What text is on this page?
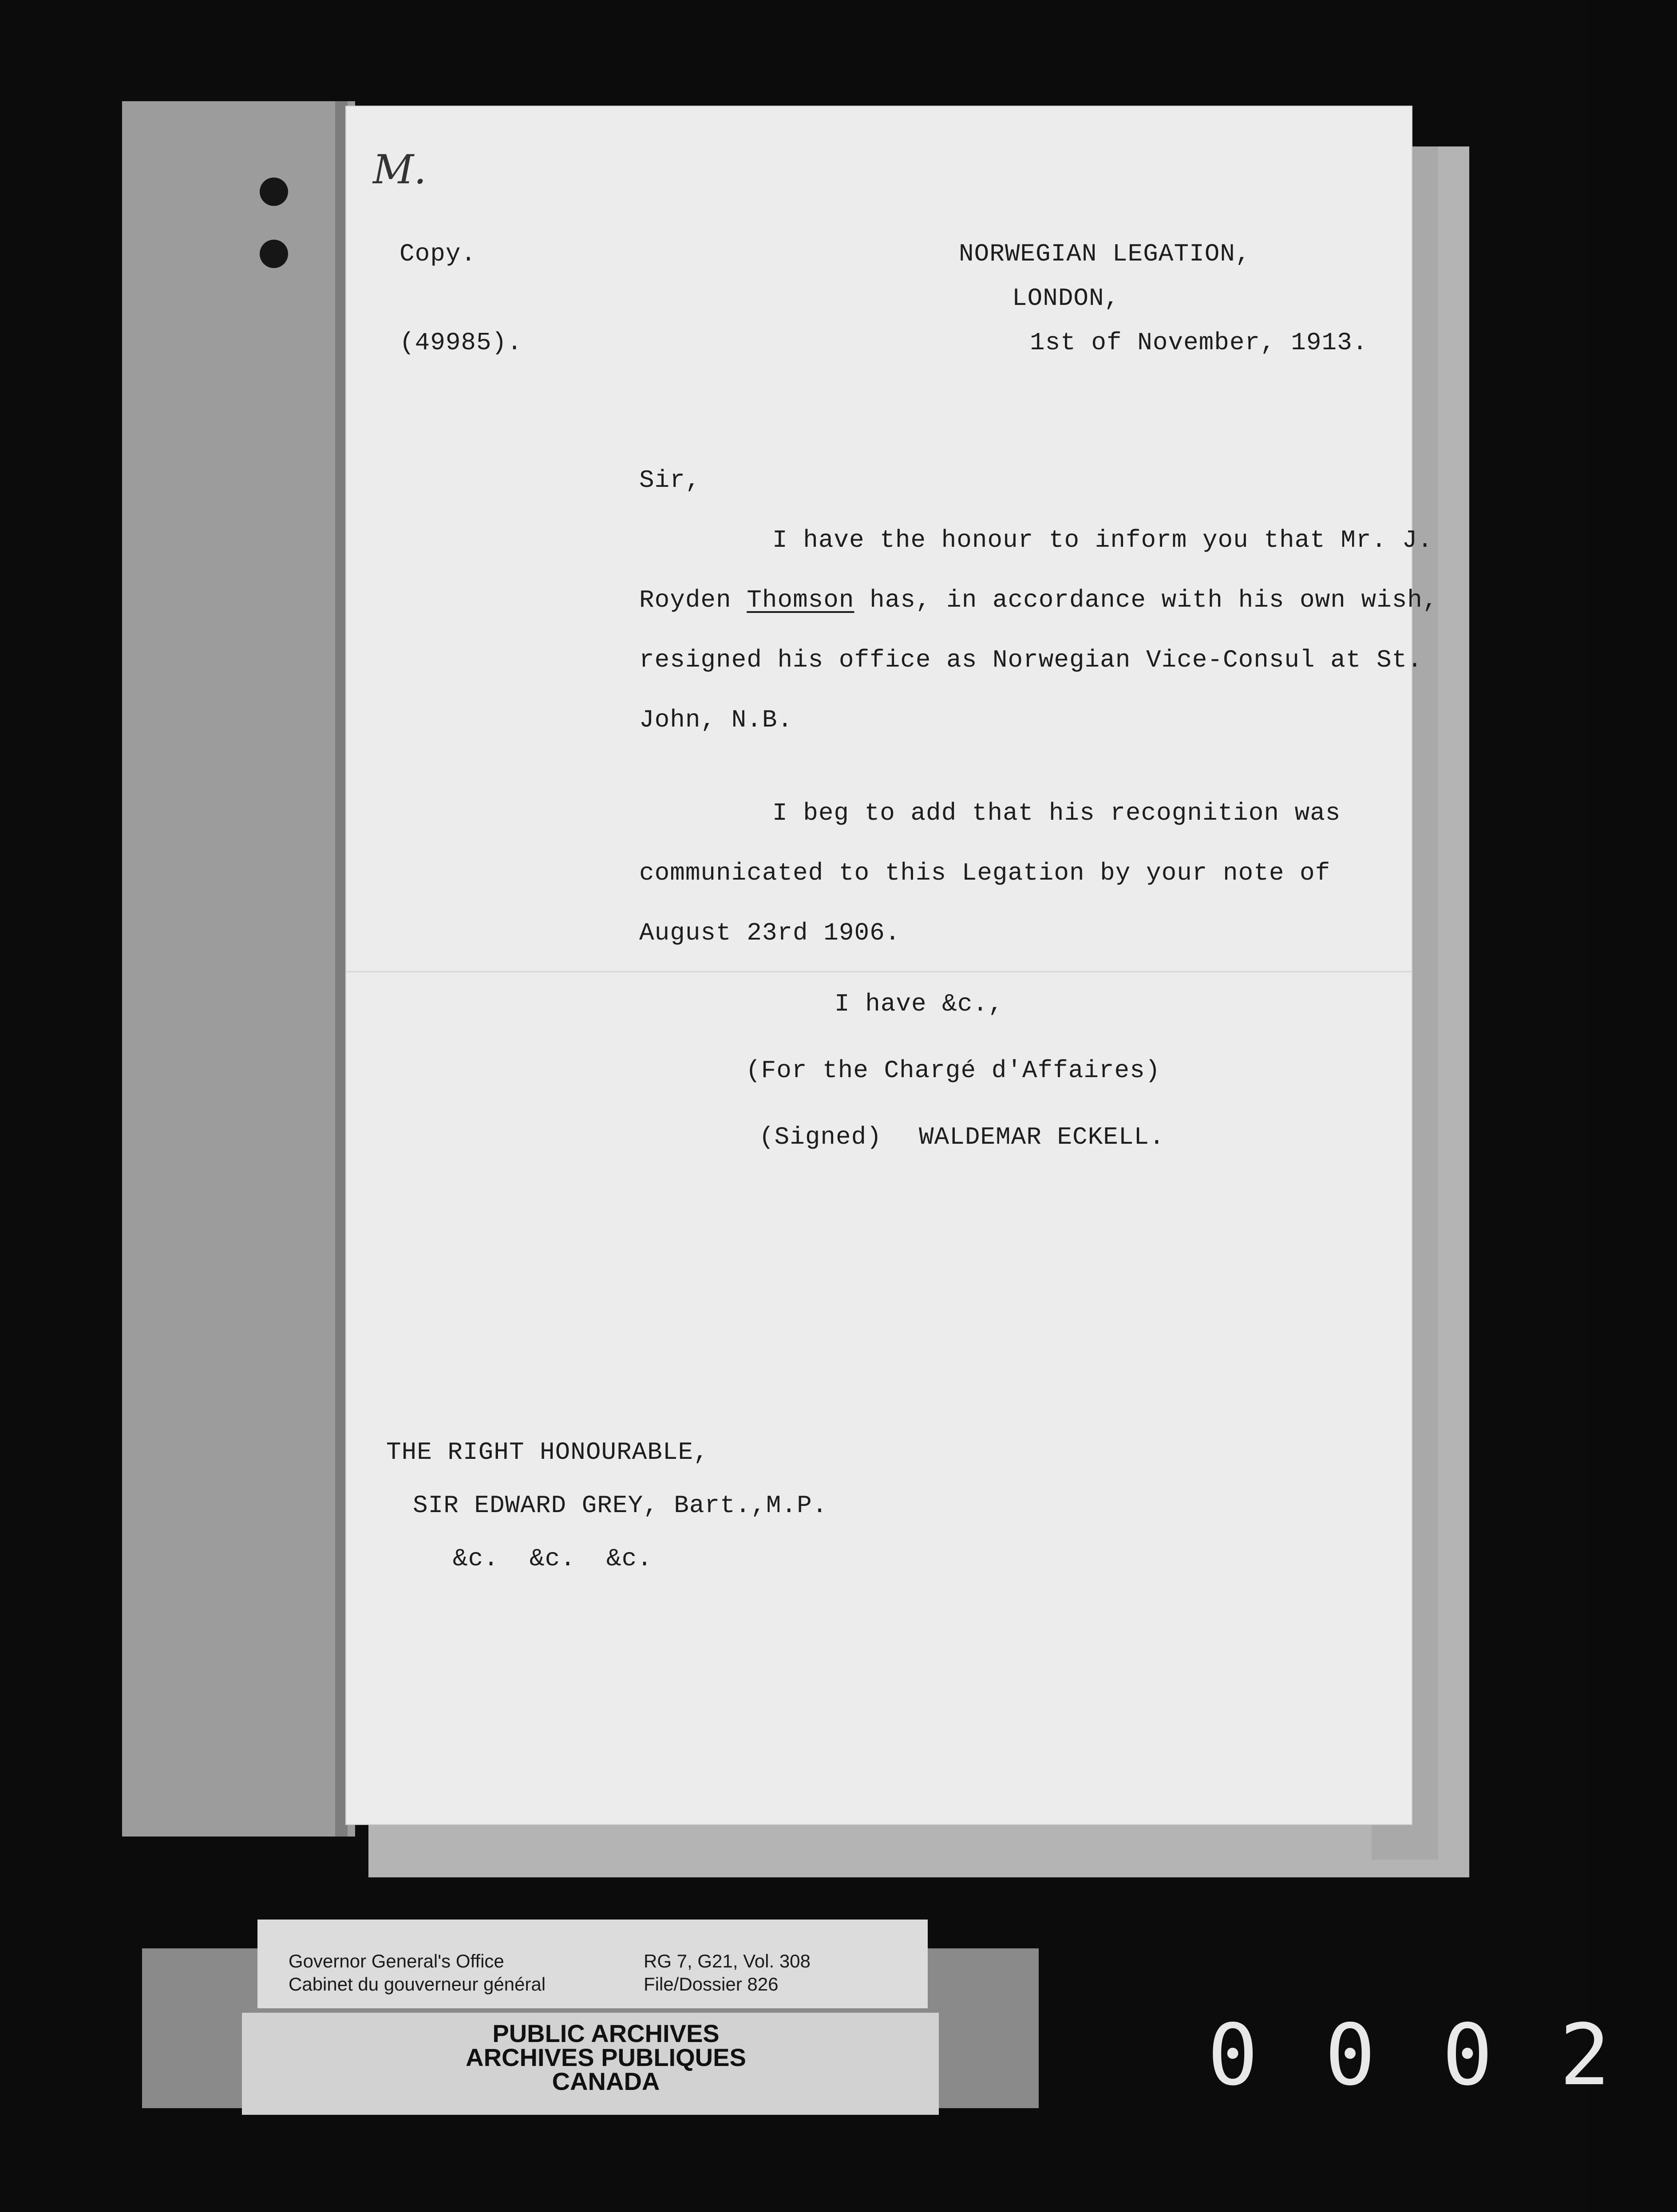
M.
Copy.
(49985).
NORWEGIAN LEGATION,
LONDON,
1st of November, 1913.
Sir,
I have the honour to inform you that Mr. J.
Royden Thomson has, in accordance with his own wish,
resigned his office as Norwegian Vice-Consul at St.
John, N.B.
I beg to add that his recognition was
communicated to this Legation by your note of
August 23rd 1906.
I have &c.,
(For the Chargé d'Affaires)
(Signed) WALDEMAR ECKELL.
THE RIGHT HONOURABLE,
SIR EDWARD GREY, Bart.,M.P.
&c.  &c.  &c.
Governor General's Office
Cabinet du gouverneur général
RG 7, G21, Vol. 308
File/Dossier 826
PUBLIC ARCHIVES
ARCHIVES PUBLIQUES
CANADA	0002
